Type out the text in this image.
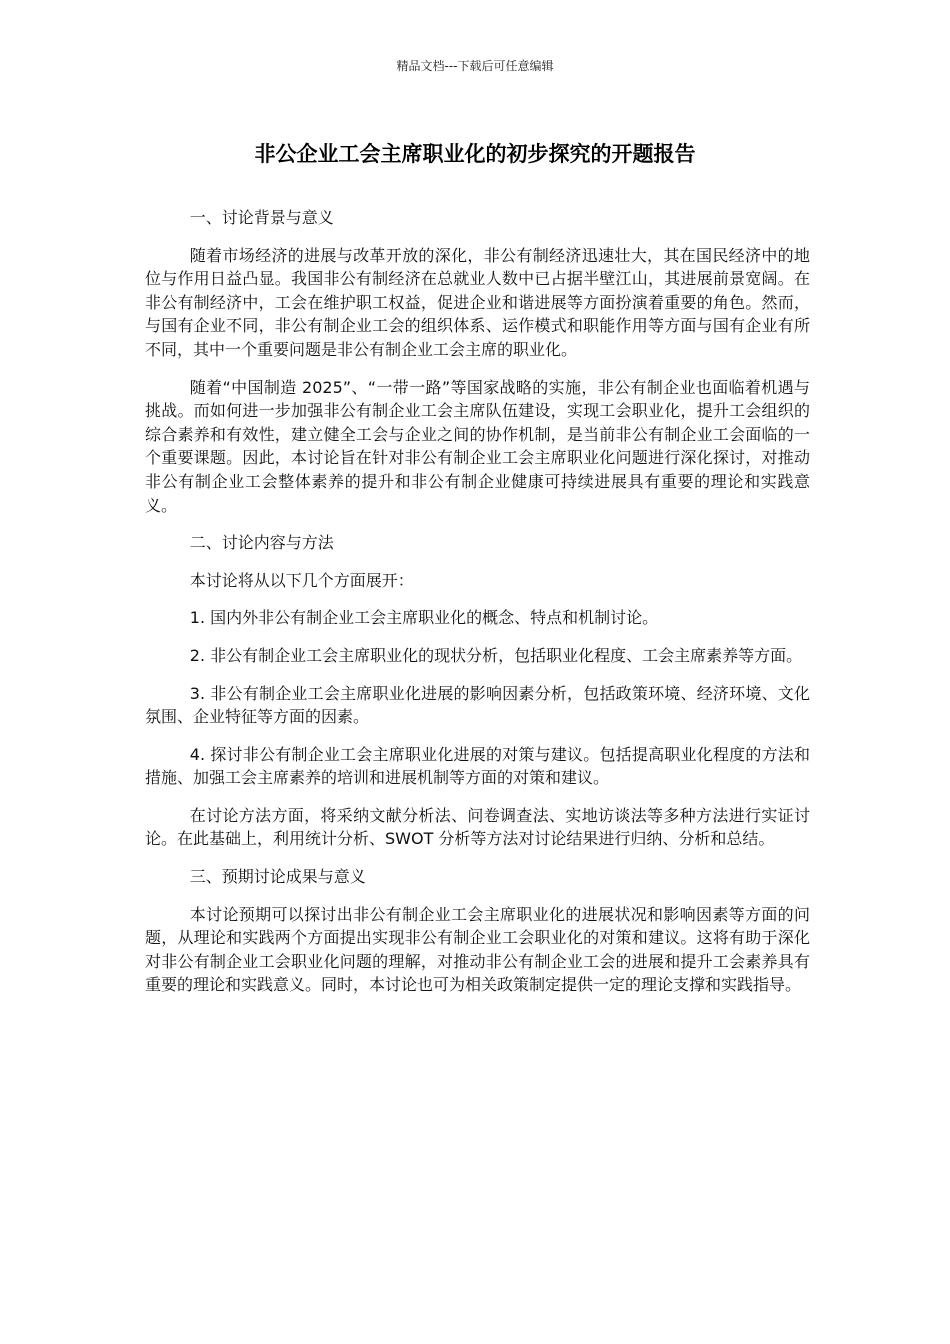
精品文档---下载后可任意编辑
非公企业工会主席职业化的初步探究的开题报告

一、讨论背景与意义

随着市场经济的进展与改革开放的深化，非公有制经济迅速壮大，其在国民经济中的地位与作用日益凸显。我国非公有制经济在总就业人数中已占据半壁江山，其进展前景宽阔。在非公有制经济中，工会在维护职工权益，促进企业和谐进展等方面扮演着重要的角色。然而，与国有企业不同，非公有制企业工会的组织体系、运作模式和职能作用等方面与国有企业有所不同，其中一个重要问题是非公有制企业工会主席的职业化。

随着“中国制造 2025”、“一带一路”等国家战略的实施，非公有制企业也面临着机遇与挑战。而如何进一步加强非公有制企业工会主席队伍建设，实现工会职业化，提升工会组织的综合素养和有效性，建立健全工会与企业之间的协作机制，是当前非公有制企业工会面临的一个重要课题。因此，本讨论旨在针对非公有制企业工会主席职业化问题进行深化探讨，对推动非公有制企业工会整体素养的提升和非公有制企业健康可持续进展具有重要的理论和实践意义。

二、讨论内容与方法

本讨论将从以下几个方面展开：

1. 国内外非公有制企业工会主席职业化的概念、特点和机制讨论。

2. 非公有制企业工会主席职业化的现状分析，包括职业化程度、工会主席素养等方面。

3. 非公有制企业工会主席职业化进展的影响因素分析，包括政策环境、经济环境、文化氛围、企业特征等方面的因素。

4. 探讨非公有制企业工会主席职业化进展的对策与建议。包括提高职业化程度的方法和措施、加强工会主席素养的培训和进展机制等方面的对策和建议。

在讨论方法方面，将采纳文献分析法、问卷调查法、实地访谈法等多种方法进行实证讨论。在此基础上，利用统计分析、SWOT 分析等方法对讨论结果进行归纳、分析和总结。

三、预期讨论成果与意义

本讨论预期可以探讨出非公有制企业工会主席职业化的进展状况和影响因素等方面的问题，从理论和实践两个方面提出实现非公有制企业工会职业化的对策和建议。这将有助于深化对非公有制企业工会职业化问题的理解，对推动非公有制企业工会的进展和提升工会素养具有重要的理论和实践意义。同时，本讨论也可为相关政策制定提供一定的理论支撑和实践指导。
